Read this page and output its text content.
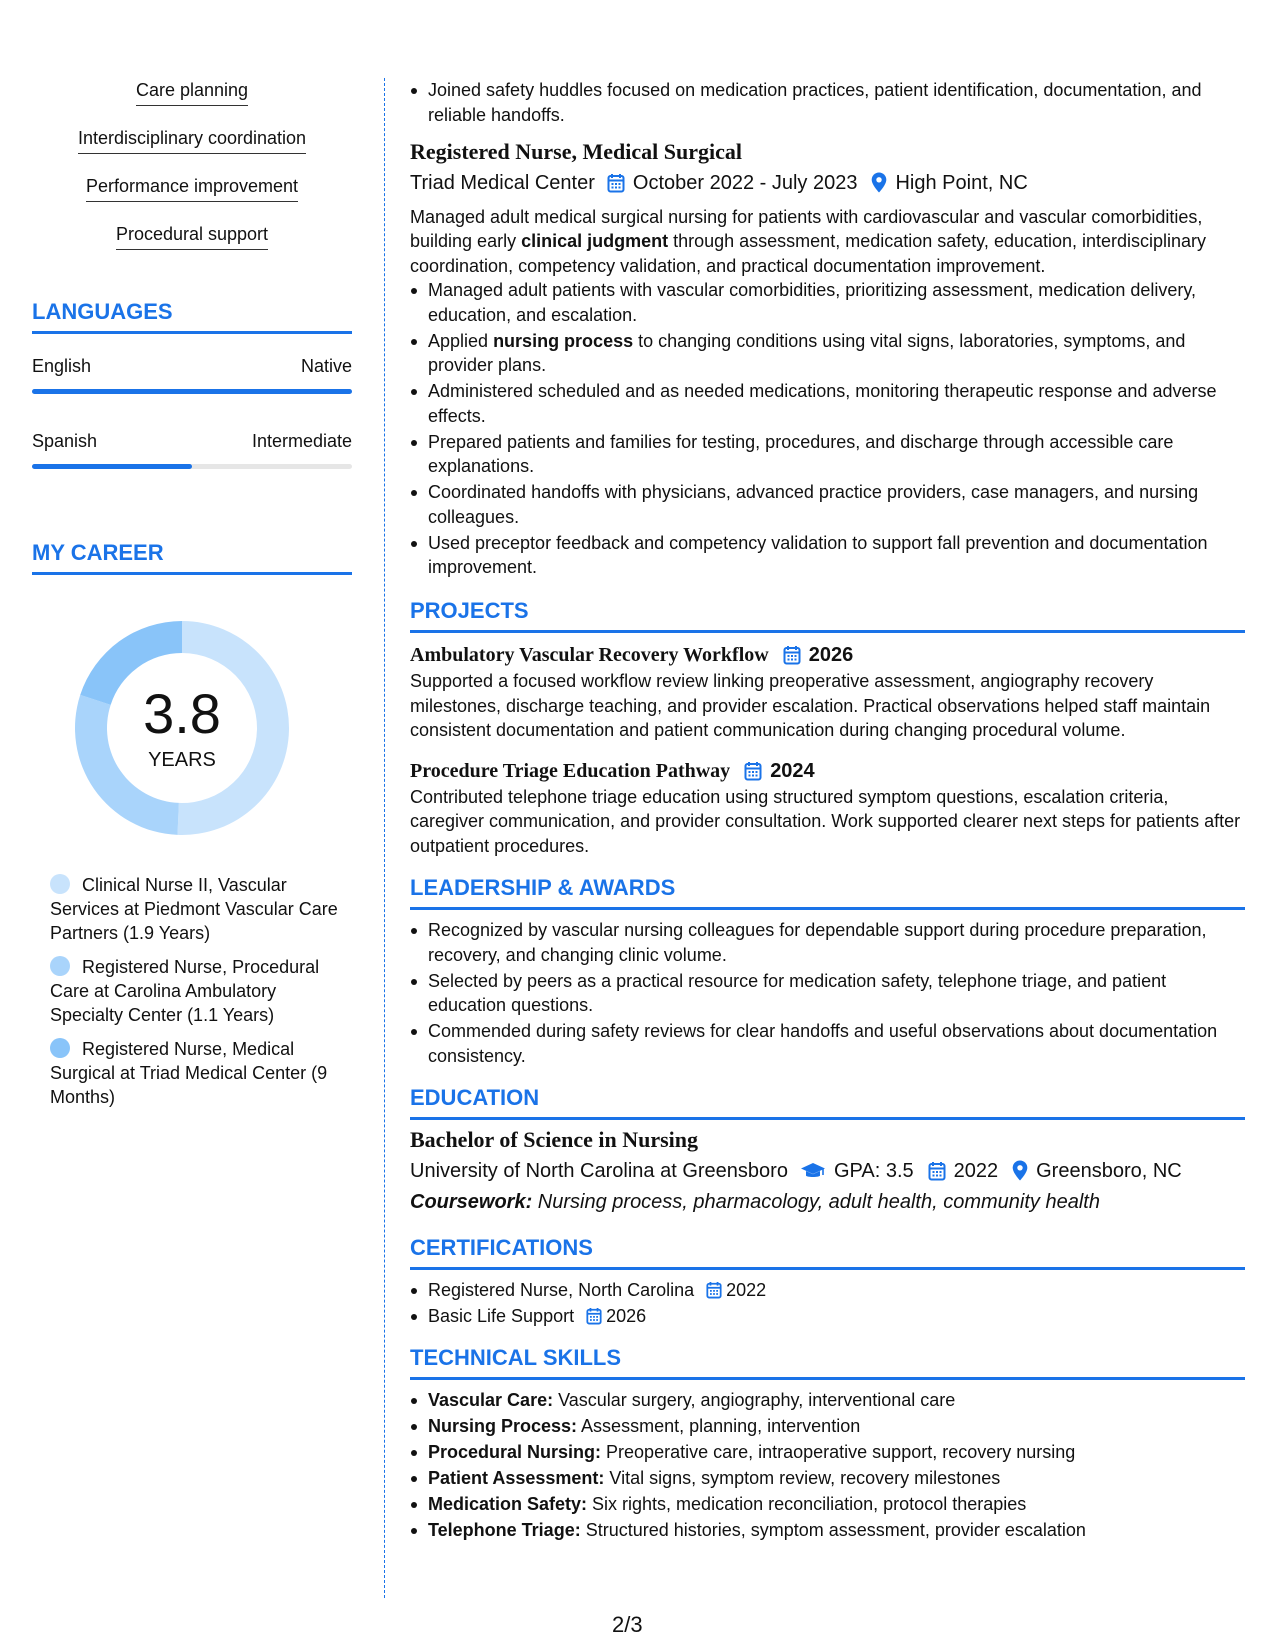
Care planning
Interdisciplinary coordination
Performance improvement
Procedural support
LANGUAGES
English	Native
Spanish	Intermediate
MY CAREER
3.8
YEARS
Clinical Nurse II, Vascular Services at Piedmont Vascular Care Partners (1.9 Years)
Registered Nurse, Procedural Care at Carolina Ambulatory Specialty Center (1.1 Years)
Registered Nurse, Medical Surgical at Triad Medical Center (9 Months)
Joined safety huddles focused on medication practices, patient identification, documentation, and reliable handoffs.
Registered Nurse, Medical Surgical
Triad Medical Center October 2022 - July 2023 High Point, NC
Managed adult medical surgical nursing for patients with cardiovascular and vascular comorbidities, building early clinical judgment through assessment, medication safety, education, interdisciplinary coordination, competency validation, and practical documentation improvement.
Managed adult patients with vascular comorbidities, prioritizing assessment, medication delivery, education, and escalation.
Applied nursing process to changing conditions using vital signs, laboratories, symptoms, and provider plans.
Administered scheduled and as needed medications, monitoring therapeutic response and adverse effects.
Prepared patients and families for testing, procedures, and discharge through accessible care explanations.
Coordinated handoffs with physicians, advanced practice providers, case managers, and nursing colleagues.
Used preceptor feedback and competency validation to support fall prevention and documentation improvement.
PROJECTS
Ambulatory Vascular Recovery Workflow 2026
Supported a focused workflow review linking preoperative assessment, angiography recovery milestones, discharge teaching, and provider escalation. Practical observations helped staff maintain consistent documentation and patient communication during changing procedural volume.
Procedure Triage Education Pathway 2024
Contributed telephone triage education using structured symptom questions, escalation criteria, caregiver communication, and provider consultation. Work supported clearer next steps for patients after outpatient procedures.
LEADERSHIP & AWARDS
Recognized by vascular nursing colleagues for dependable support during procedure preparation, recovery, and changing clinic volume.
Selected by peers as a practical resource for medication safety, telephone triage, and patient education questions.
Commended during safety reviews for clear handoffs and useful observations about documentation consistency.
EDUCATION
Bachelor of Science in Nursing
University of North Carolina at Greensboro GPA: 3.5 2022 Greensboro, NC
Coursework: Nursing process, pharmacology, adult health, community health
CERTIFICATIONS
Registered Nurse, North Carolina 2022
Basic Life Support 2026
TECHNICAL SKILLS
Vascular Care: Vascular surgery, angiography, interventional care
Nursing Process: Assessment, planning, intervention
Procedural Nursing: Preoperative care, intraoperative support, recovery nursing
Patient Assessment: Vital signs, symptom review, recovery milestones
Medication Safety: Six rights, medication reconciliation, protocol therapies
Telephone Triage: Structured histories, symptom assessment, provider escalation
2/3
